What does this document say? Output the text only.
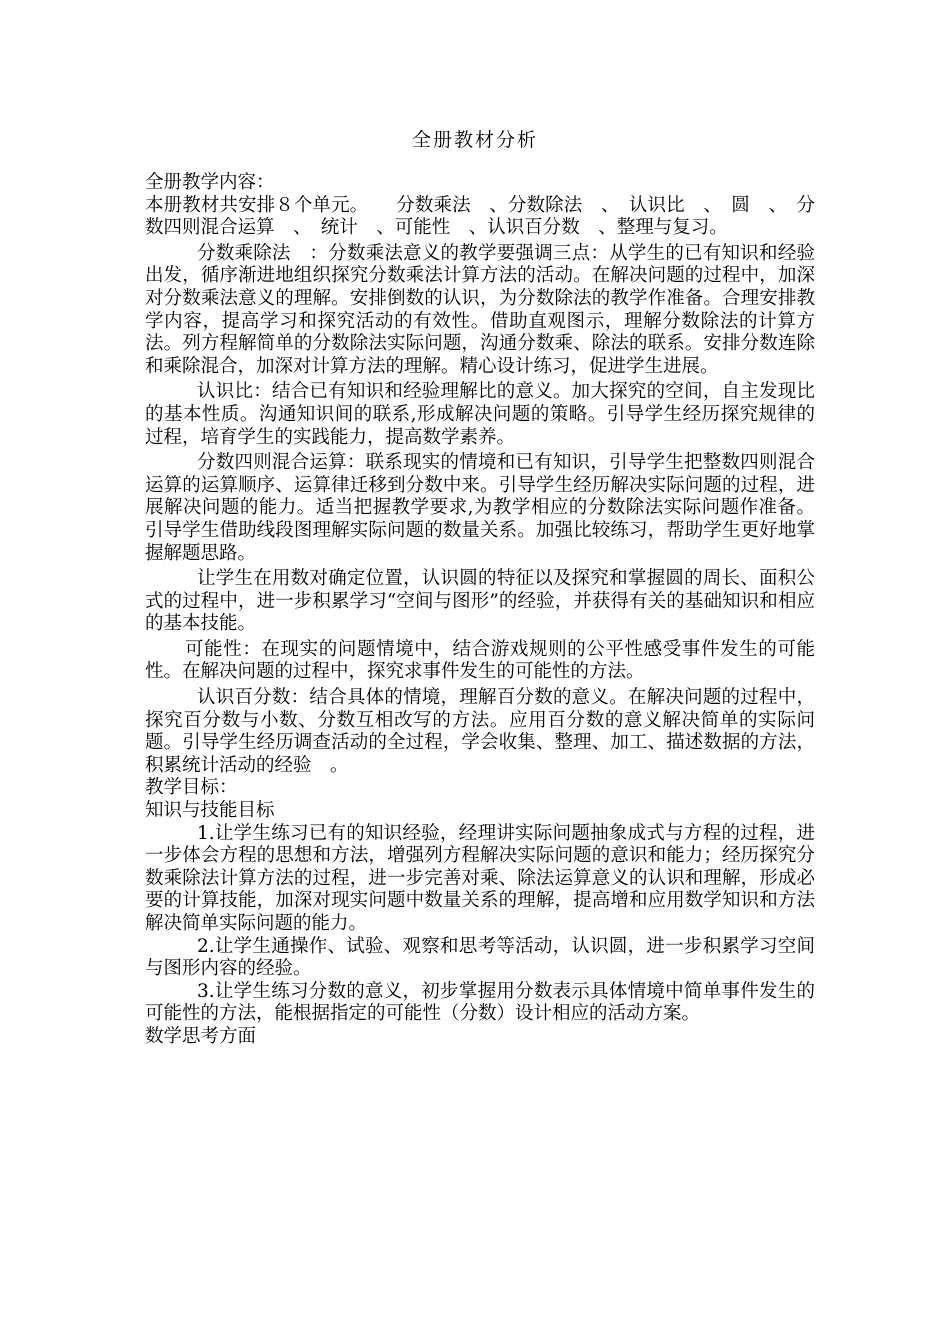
全册教材分析

全册教学内容：

本册教材共安排８个单元。　　分数乘法　、分数除法　、　认识比　、　圆　、　分数四则混合运算　、　统计　、可能性　、认识百分数　、整理与复习。

分数乘除法　：分数乘法意义的教学要强调三点：从学生的已有知识和经验出发，循序渐进地组织探究分数乘法计算方法的活动。在解决问题的过程中，加深对分数乘法意义的理解。安排倒数的认识，为分数除法的教学作准备。合理安排教学内容，提高学习和探究活动的有效性。借助直观图示，理解分数除法的计算方法。列方程解简单的分数除法实际问题，沟通分数乘、除法的联系。安排分数连除和乘除混合，加深对计算方法的理解。精心设计练习，促进学生进展。

认识比：结合已有知识和经验理解比的意义。加大探究的空间，自主发现比的基本性质。沟通知识间的联系,形成解决问题的策略。引导学生经历探究规律的过程，培育学生的实践能力，提高数学素养。

分数四则混合运算：联系现实的情境和已有知识，引导学生把整数四则混合运算的运算顺序、运算律迁移到分数中来。引导学生经历解决实际问题的过程，进展解决问题的能力。适当把握教学要求,为教学相应的分数除法实际问题作准备。引导学生借助线段图理解实际问题的数量关系。加强比较练习，帮助学生更好地掌握解题思路。

让学生在用数对确定位置，认识圆的特征以及探究和掌握圆的周长、面积公式的过程中，进一步积累学习“空间与图形”的经验，并获得有关的基础知识和相应的基本技能。

可能性：在现实的问题情境中，结合游戏规则的公平性感受事件发生的可能性。在解决问题的过程中，探究求事件发生的可能性的方法。

认识百分数：结合具体的情境，理解百分数的意义。在解决问题的过程中，探究百分数与小数、分数互相改写的方法。应用百分数的意义解决简单的实际问题。引导学生经历调查活动的全过程，学会收集、整理、加工、描述数据的方法，积累统计活动的经验　。

教学目标：

知识与技能目标

1.让学生练习已有的知识经验，经理讲实际问题抽象成式与方程的过程，进一步体会方程的思想和方法，增强列方程解决实际问题的意识和能力；经历探究分数乘除法计算方法的过程，进一步完善对乘、除法运算意义的认识和理解，形成必要的计算技能，加深对现实问题中数量关系的理解，提高增和应用数学知识和方法解决简单实际问题的能力。

2.让学生通操作、试验、观察和思考等活动，认识圆，进一步积累学习空间与图形内容的经验。

3.让学生练习分数的意义，初步掌握用分数表示具体情境中简单事件发生的可能性的方法，能根据指定的可能性（分数）设计相应的活动方案。

数学思考方面
